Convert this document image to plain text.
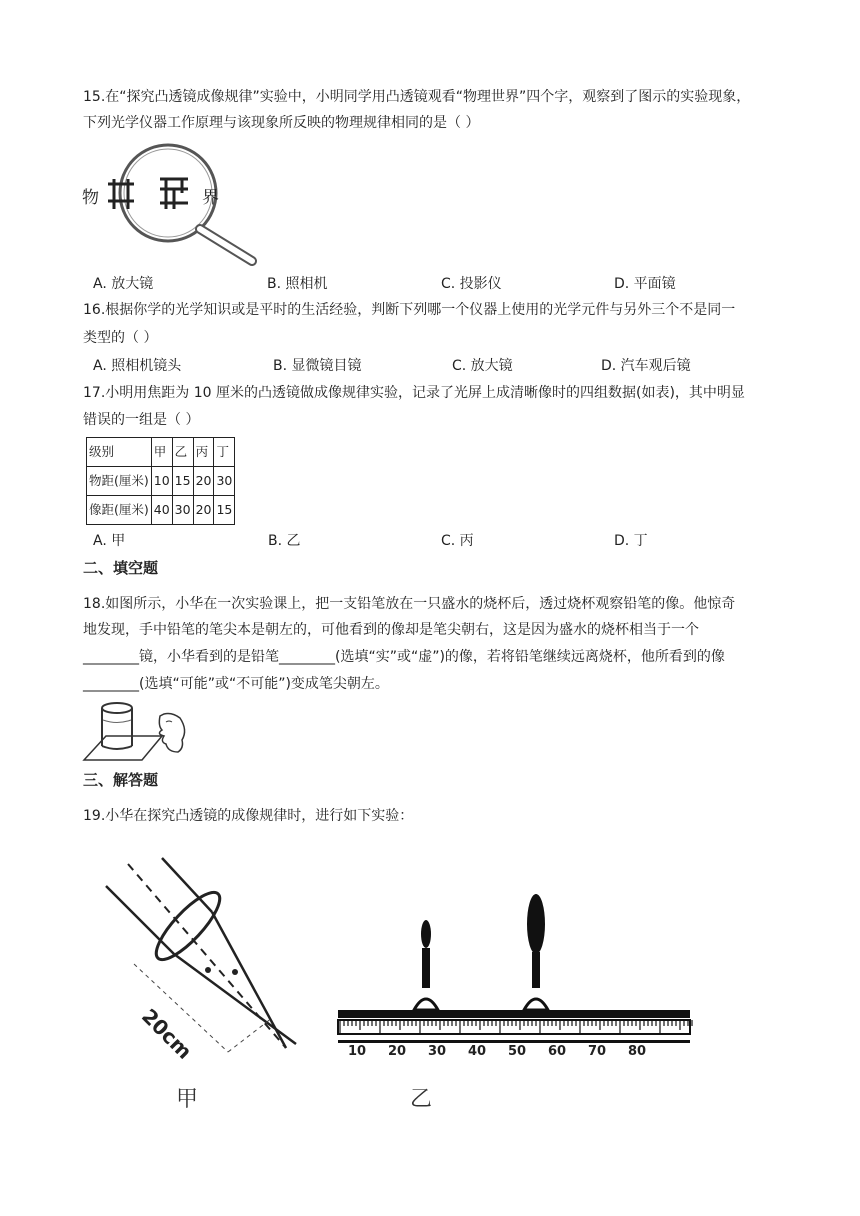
15.在“探究凸透镜成像规律”实验中，小明同学用凸透镜观看“物理世界”四个字，观察到了图示的实验现象，
下列光学仪器工作原理与该现象所反映的物理规律相同的是（ ）
物	界
A. 放大镜	B. 照相机	C. 投影仪	D. 平面镜
16.根据你学的光学知识或是平时的生活经验，判断下列哪一个仪器上使用的光学元件与另外三个不是同一
类型的（ ）
A. 照相机镜头	B. 显微镜目镜	C. 放大镜	D. 汽车观后镜
17.小明用焦距为 10 厘米的凸透镜做成像规律实验，记录了光屏上成清晰像时的四组数据(如表)，其中明显
错误的一组是（ ）
级别	甲	乙	丙	丁
物距(厘米)	10	15	20	30
像距(厘米)	40	30	20	15
A. 甲	B. 乙	C. 丙	D. 丁
二、填空题
18.如图所示，小华在一次实验课上，把一支铅笔放在一只盛水的烧杯后，透过烧杯观察铅笔的像。他惊奇
地发现，手中铅笔的笔尖本是朝左的，可他看到的像却是笔尖朝右，这是因为盛水的烧杯相当于一个
________镜，小华看到的是铅笔________(选填“实”或“虚”)的像，若将铅笔继续远离烧杯，他所看到的像
________(选填“可能”或“不可能”)变成笔尖朝左。
三、解答题
19.小华在探究凸透镜的成像规律时，进行如下实验：
20cm
甲
10 20 30 40 50 60 70 80
乙
